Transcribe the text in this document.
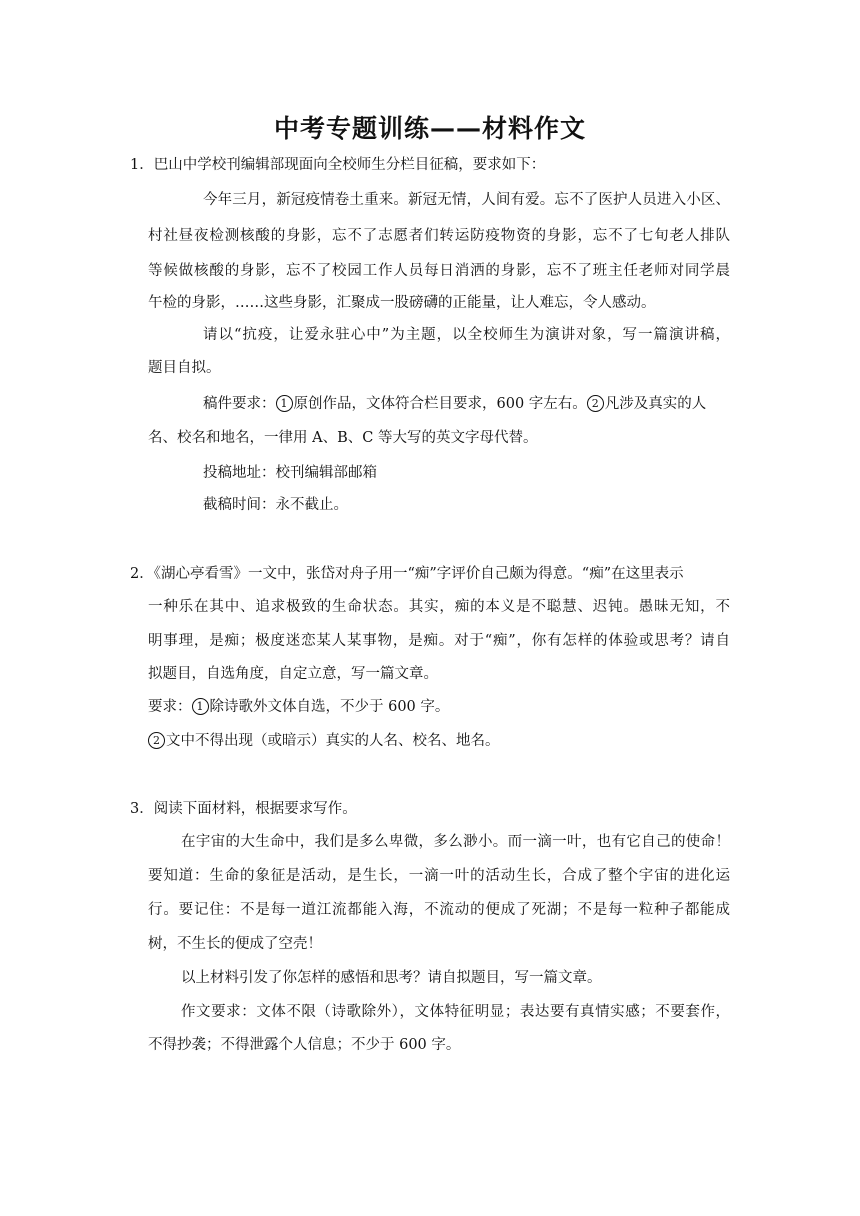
中考专题训练——材料作文
1．巴山中学校刊编辑部现面向全校师生分栏目征稿，要求如下：
今年三月，新冠疫情卷土重来。新冠无情，人间有爱。忘不了医护人员进入小区、
村社昼夜检测核酸的身影，忘不了志愿者们转运防疫物资的身影，忘不了七旬老人排队
等候做核酸的身影，忘不了校园工作人员每日消洒的身影，忘不了班主任老师对同学晨
午检的身影，……这些身影，汇聚成一股磅礴的正能量，让人难忘，令人感动。
请以“抗疫，让爱永驻心中”为主题，以全校师生为演讲对象，写一篇演讲稿，
题目自拟。
稿件要求： 1 原创作品，文体符合栏目要求，600 字左右。 2 凡涉及真实的人
名、校名和地名，一律用 A、B、C 等大写的英文字母代替。
投稿地址：校刊编辑部邮箱
截稿时间：永不截止。
2．《湖心亭看雪》一文中，张岱对舟子用一“痴”字评价自己颇为得意。“痴”在这里表示
一种乐在其中、追求极致的生命状态。其实，痴的本义是不聪慧、迟钝。愚昧无知，不
明事理，是痴；极度迷恋某人某事物，是痴。对于“痴”，你有怎样的体验或思考？请自
拟题目，自选角度，自定立意，写一篇文章。
要求： 1 除诗歌外文体自选，不少于 600 字。
2 文中不得出现（或暗示）真实的人名、校名、地名。
3．阅读下面材料，根据要求写作。
在宇宙的大生命中，我们是多么卑微，多么渺小。而一滴一叶，也有它自己的使命！
要知道：生命的象征是活动，是生长，一滴一叶的活动生长，合成了整个宇宙的进化运
行。要记住：不是每一道江流都能入海，不流动的便成了死湖；不是每一粒种子都能成
树，不生长的便成了空壳！
以上材料引发了你怎样的感悟和思考？请自拟题目，写一篇文章。
作文要求：文体不限（诗歌除外），文体特征明显；表达要有真情实感；不要套作，
不得抄袭；不得泄露个人信息；不少于 600 字。
